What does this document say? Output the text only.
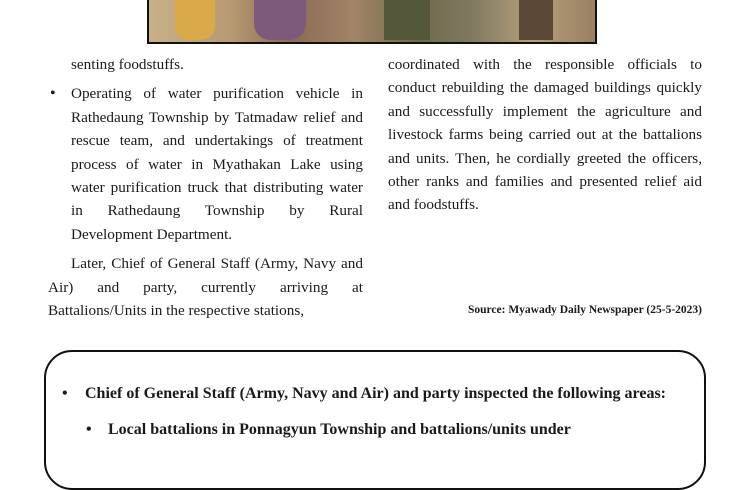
senting foodstuffs.

• Operating of water purification vehicle in Rathedaung Township by Tatmadaw relief and rescue team, and undertakings of treatment process of water in Myathakan Lake using water purification truck that distributing water in Rathedaung Township by Rural Development Department.

Later, Chief of General Staff (Army, Navy and Air) and party, currently arriving at Battalions/Units in the respective stations,

coordinated with the responsible officials to conduct rebuilding the damaged buildings quickly and successfully implement the agriculture and livestock farms being carried out at the battalions and units. Then, he cordially greeted the officers, other ranks and families and presented relief aid and foodstuffs.

Source: Myawady Daily Newspaper (25-5-2023)
• Chief of General Staff (Army, Navy and Air) and party inspected the following areas:
• Local battalions in Ponnagyun Township and battalions/units under
